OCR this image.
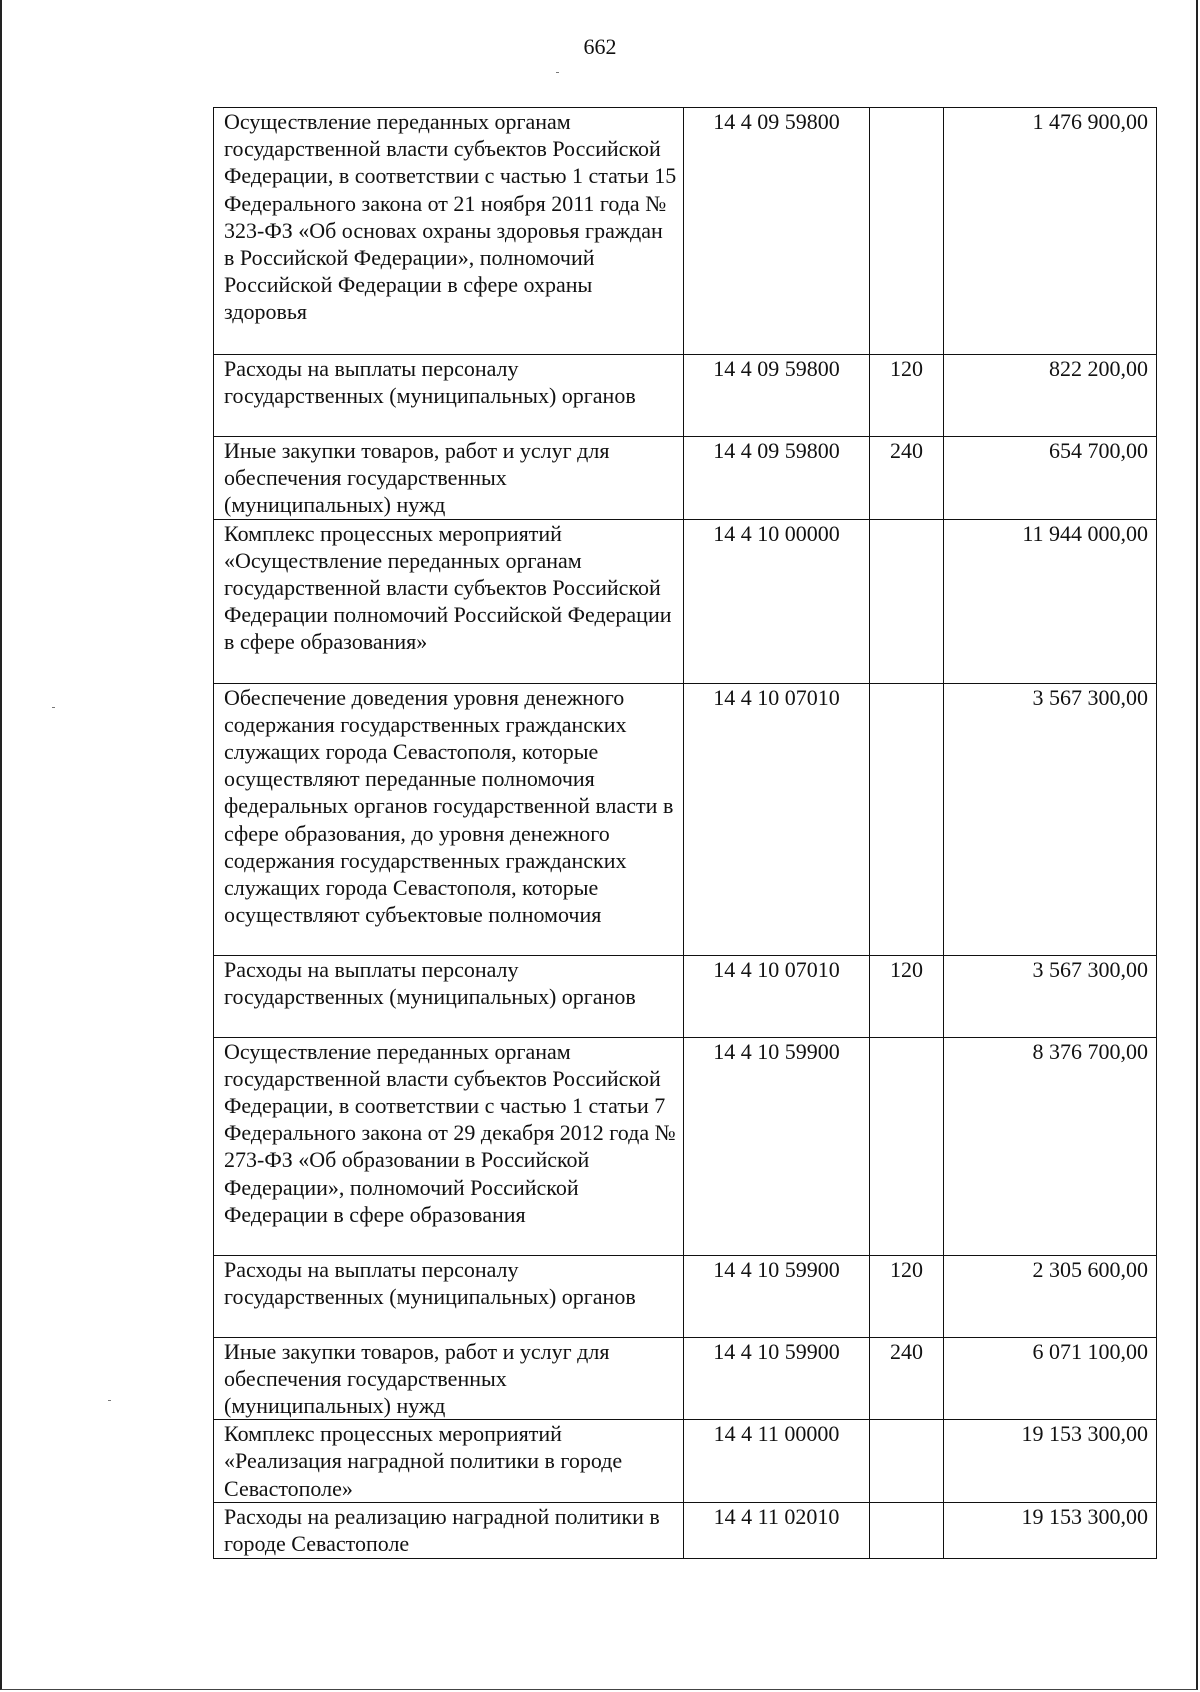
662
Осуществление переданных органам государственной власти субъектов Российской Федерации, в соответствии с частью 1 статьи 15 Федерального закона от 21 ноября 2011 года № 323-ФЗ «Об основах охраны здоровья граждан в Российской Федерации», полномочий Российской Федерации в сфере охраны здоровья	14 4 09 59800		1 476 900,00
Расходы на выплаты персоналу государственных (муниципальных) органов	14 4 09 59800	120	822 200,00
Иные закупки товаров, работ и услуг для обеспечения государственных (муниципальных) нужд	14 4 09 59800	240	654 700,00
Комплекс процессных мероприятий «Осуществление переданных органам государственной власти субъектов Российской Федерации полномочий Российской Федерации в сфере образования»	14 4 10 00000		11 944 000,00
Обеспечение доведения уровня денежного содержания государственных гражданских служащих города Севастополя, которые осуществляют переданные полномочия федеральных органов государственной власти в сфере образования, до уровня денежного содержания государственных гражданских служащих города Севастополя, которые осуществляют субъектовые полномочия	14 4 10 07010		3 567 300,00
Расходы на выплаты персоналу государственных (муниципальных) органов	14 4 10 07010	120	3 567 300,00
Осуществление переданных органам государственной власти субъектов Российской Федерации, в соответствии с частью 1 статьи 7 Федерального закона от 29 декабря 2012 года № 273-ФЗ «Об образовании в Российской Федерации», полномочий Российской Федерации в сфере образования	14 4 10 59900		8 376 700,00
Расходы на выплаты персоналу государственных (муниципальных) органов	14 4 10 59900	120	2 305 600,00
Иные закупки товаров, работ и услуг для обеспечения государственных (муниципальных) нужд	14 4 10 59900	240	6 071 100,00
Комплекс процессных мероприятий «Реализация наградной политики в городе Севастополе»	14 4 11 00000		19 153 300,00
Расходы на реализацию наградной политики в городе Севастополе	14 4 11 02010		19 153 300,00
